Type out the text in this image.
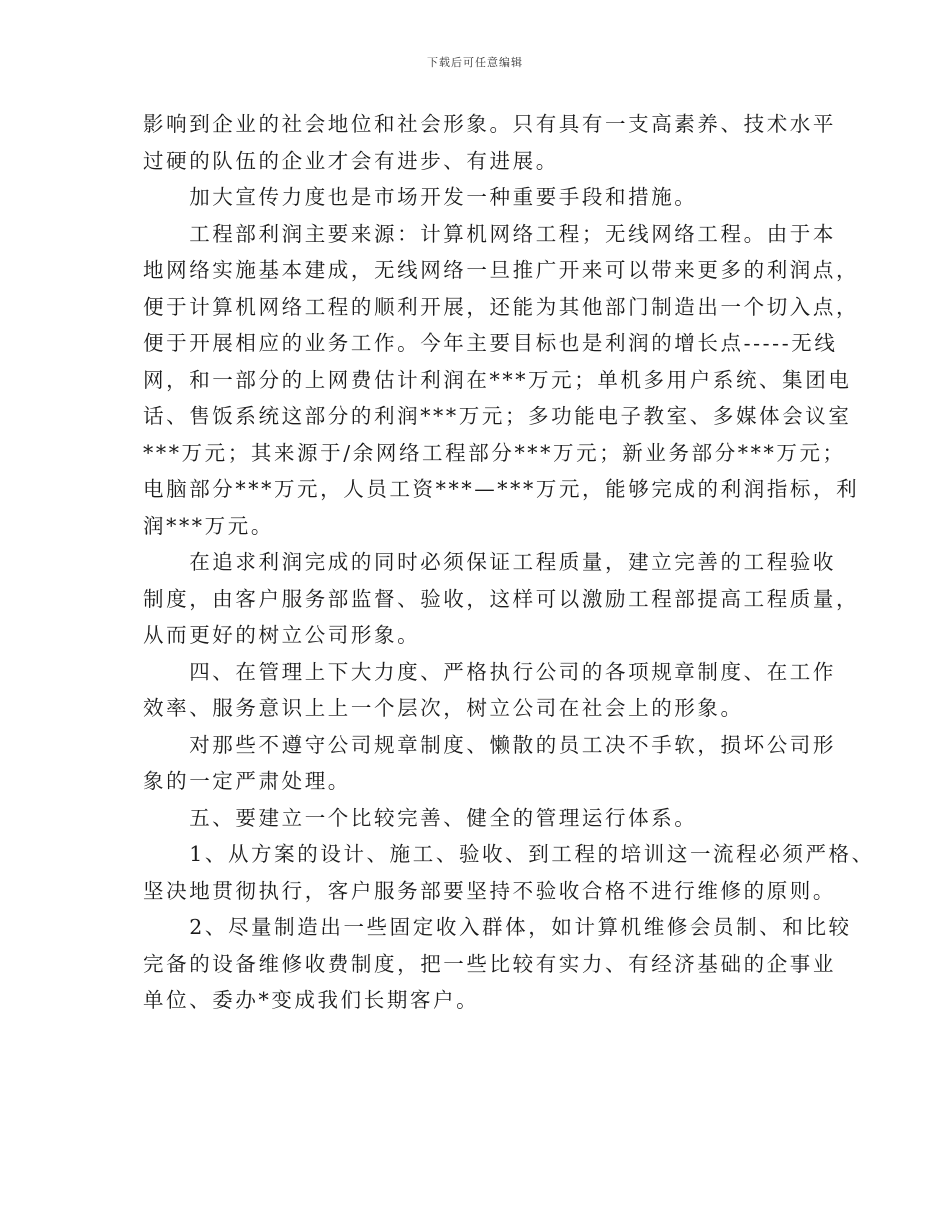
下载后可任意编辑

影响到企业的社会地位和社会形象。只有具有一支高素养、技术水平
过硬的队伍的企业才会有进步、有进展。

　　加大宣传力度也是市场开发一种重要手段和措施。

　　工程部利润主要来源：计算机网络工程；无线网络工程。由于本
地网络实施基本建成，无线网络一旦推广开来可以带来更多的利润点，
便于计算机网络工程的顺利开展，还能为其他部门制造出一个切入点，
便于开展相应的业务工作。今年主要目标也是利润的增长点-----无线
网，和一部分的上网费估计利润在***万元；单机多用户系统、集团电
话、售饭系统这部分的利润***万元；多功能电子教室、多媒体会议室
***万元；其来源于/余网络工程部分***万元；新业务部分***万元；
电脑部分***万元，人员工资***—***万元，能够完成的利润指标，利
润***万元。

　　在追求利润完成的同时必须保证工程质量，建立完善的工程验收
制度，由客户服务部监督、验收，这样可以激励工程部提高工程质量，
从而更好的树立公司形象。

　　四、在管理上下大力度、严格执行公司的各项规章制度、在工作
效率、服务意识上上一个层次，树立公司在社会上的形象。

　　对那些不遵守公司规章制度、懒散的员工决不手软，损坏公司形
象的一定严肃处理。

　　五、要建立一个比较完善、健全的管理运行体系。

　　1、从方案的设计、施工、验收、到工程的培训这一流程必须严格、
坚决地贯彻执行，客户服务部要坚持不验收合格不进行维修的原则。

　　2、尽量制造出一些固定收入群体，如计算机维修会员制、和比较
完备的设备维修收费制度，把一些比较有实力、有经济基础的企事业
单位、委办*变成我们长期客户。
